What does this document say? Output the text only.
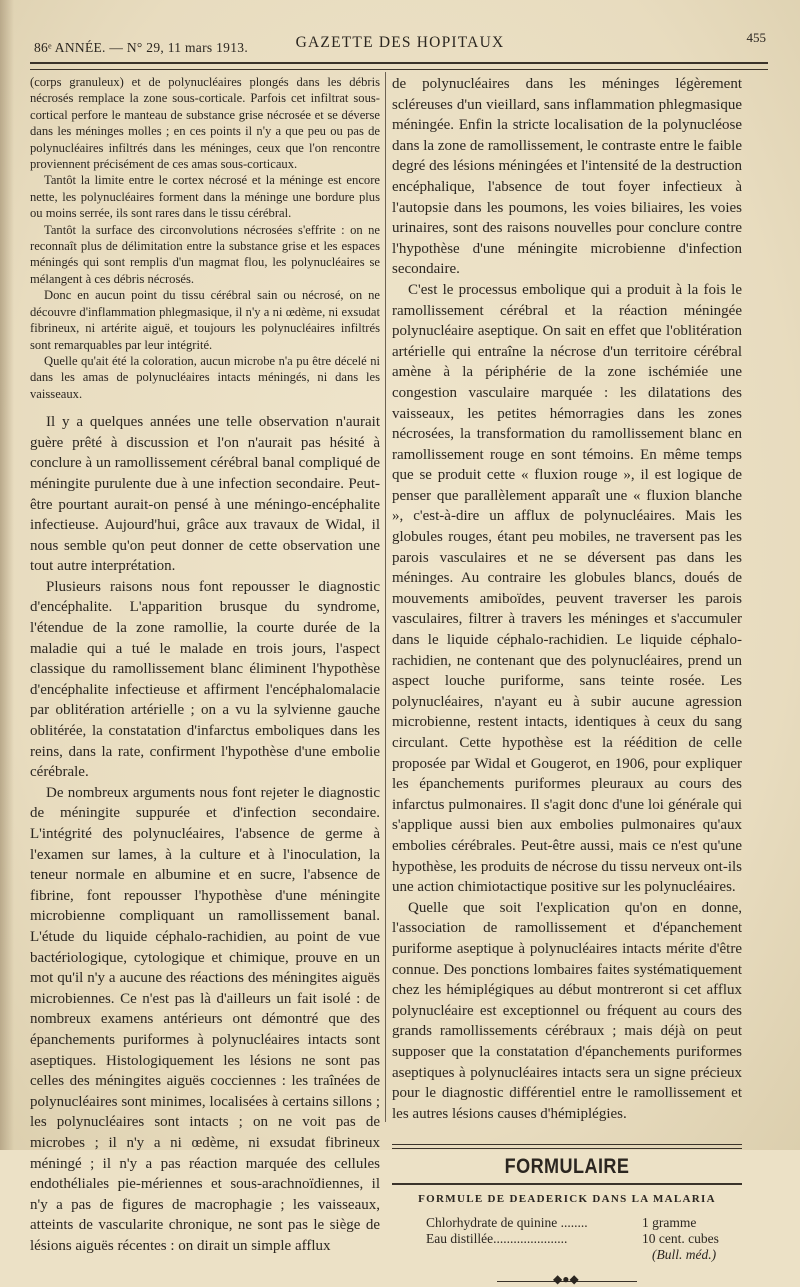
86ᵉ ANNÉE. — N° 29, 11 mars 1913.	GAZETTE DES HOPITAUX	455

(corps granuleux) et de polynucléaires plongés dans les débris nécrosés remplace la zone sous-corticale. Parfois cet infiltrat sous-cortical perfore le manteau de substance grise nécrosée et se déverse dans les méninges molles ; en ces points il n'y a que peu ou pas de polynucléaires infiltrés dans les méninges, ceux que l'on rencontre proviennent précisément de ces amas sous-corticaux.

Tantôt la limite entre le cortex nécrosé et la méninge est encore nette, les polynucléaires forment dans la méninge une bordure plus ou moins serrée, ils sont rares dans le tissu cérébral.

Tantôt la surface des circonvolutions nécrosées s'effrite : on ne reconnaît plus de délimitation entre la substance grise et les espaces méningés qui sont remplis d'un magmat flou, les polynucléaires se mélangent à ces débris nécrosés.

Donc en aucun point du tissu cérébral sain ou nécrosé, on ne découvre d'inflammation phlegmasique, il n'y a ni œdème, ni exsudat fibrineux, ni artérite aiguë, et toujours les polynucléaires infiltrés sont remarquables par leur intégrité.

Quelle qu'ait été la coloration, aucun microbe n'a pu être décelé ni dans les amas de polynucléaires intacts méningés, ni dans les vaisseaux.

Il y a quelques années une telle observation n'aurait guère prêté à discussion et l'on n'aurait pas hésité à conclure à un ramollissement cérébral banal compliqué de méningite purulente due à une infection secondaire. Peut-être pourtant aurait-on pensé à une méningo-encéphalite infectieuse. Aujourd'hui, grâce aux travaux de Widal, il nous semble qu'on peut donner de cette observation une tout autre interprétation.

Plusieurs raisons nous font repousser le diagnostic d'encéphalite. L'apparition brusque du syndrome, l'étendue de la zone ramollie, la courte durée de la maladie qui a tué le malade en trois jours, l'aspect classique du ramollissement blanc éliminent l'hypothèse d'encéphalite infectieuse et affirment l'encéphalomalacie par oblitération artérielle ; on a vu la sylvienne gauche oblitérée, la constatation d'infarctus emboliques dans les reins, dans la rate, confirment l'hypothèse d'une embolie cérébrale.

De nombreux arguments nous font rejeter le diagnostic de méningite suppurée et d'infection secondaire. L'intégrité des polynucléaires, l'absence de germe à l'examen sur lames, à la culture et à l'inoculation, la teneur normale en albumine et en sucre, l'absence de fibrine, font repousser l'hypothèse d'une méningite microbienne compliquant un ramollissement banal. L'étude du liquide céphalo-rachidien, au point de vue bactériologique, cytologique et chimique, prouve en un mot qu'il n'y a aucune des réactions des méningites aiguës microbiennes. Ce n'est pas là d'ailleurs un fait isolé : de nombreux examens antérieurs ont démontré que des épanchements puriformes à polynucléaires intacts sont aseptiques. Histologiquement les lésions ne sont pas celles des méningites aiguës cocciennes : les traînées de polynucléaires sont minimes, localisées à certains sillons ; les polynucléaires sont intacts ; on ne voit pas de microbes ; il n'y a ni œdème, ni exsudat fibrineux méningé ; il n'y a pas réaction marquée des cellules endothéliales pie-mériennes et sous-arachnoïdiennes, il n'y a pas de figures de macrophagie ; les vaisseaux, atteints de vascularite chronique, ne sont pas le siège de lésions aiguës récentes : on dirait un simple afflux

de polynucléaires dans les méninges légèrement scléreuses d'un vieillard, sans inflammation phlegmasique méningée. Enfin la stricte localisation de la polynucléose dans la zone de ramollissement, le contraste entre le faible degré des lésions méningées et l'intensité de la destruction encéphalique, l'absence de tout foyer infectieux à l'autopsie dans les poumons, les voies biliaires, les voies urinaires, sont des raisons nouvelles pour conclure contre l'hypothèse d'une méningite microbienne d'infection secondaire.

C'est le processus embolique qui a produit à la fois le ramollissement cérébral et la réaction méningée polynucléaire aseptique. On sait en effet que l'oblitération artérielle qui entraîne la nécrose d'un territoire cérébral amène à la périphérie de la zone ischémiée une congestion vasculaire marquée : les dilatations des vaisseaux, les petites hémorragies dans les zones nécrosées, la transformation du ramollissement blanc en ramollissement rouge en sont témoins. En même temps que se produit cette « fluxion rouge », il est logique de penser que parallèlement apparaît une « fluxion blanche », c'est-à-dire un afflux de polynucléaires. Mais les globules rouges, étant peu mobiles, ne traversent pas les parois vasculaires et ne se déversent pas dans les méninges. Au contraire les globules blancs, doués de mouvements amiboïdes, peuvent traverser les parois vasculaires, filtrer à travers les méninges et s'accumuler dans le liquide céphalo-rachidien. Le liquide céphalo-rachidien, ne contenant que des polynucléaires, prend un aspect louche puriforme, sans teinte rosée. Les polynucléaires, n'ayant eu à subir aucune agression microbienne, restent intacts, identiques à ceux du sang circulant. Cette hypothèse est la réédition de celle proposée par Widal et Gougerot, en 1906, pour expliquer les épanchements puriformes pleuraux au cours des infarctus pulmonaires. Il s'agit donc d'une loi générale qui s'applique aussi bien aux embolies pulmonaires qu'aux embolies cérébrales. Peut-être aussi, mais ce n'est qu'une hypothèse, les produits de nécrose du tissu nerveux ont-ils une action chimiotactique positive sur les polynucléaires.

Quelle que soit l'explication qu'on en donne, l'association de ramollissement et d'épanchement puriforme aseptique à polynucléaires intacts mérite d'être connue. Des ponctions lombaires faites systématiquement chez les hémiplégiques au début montreront si cet afflux polynucléaire est exceptionnel ou fréquent au cours des grands ramollissements cérébraux ; mais déjà on peut supposer que la constatation d'épanchements puriformes aseptiques à polynucléaires intacts sera un signe précieux pour le diagnostic différentiel entre le ramollissement et les autres lésions causes d'hémiplégies.

FORMULAIRE
FORMULE DE DEADERICK DANS LA MALARIA
Chlorhydrate de quinine ........	1 gramme
Eau distillée......................	10 cent. cubes
(Bull. méd.)
◆●◆
